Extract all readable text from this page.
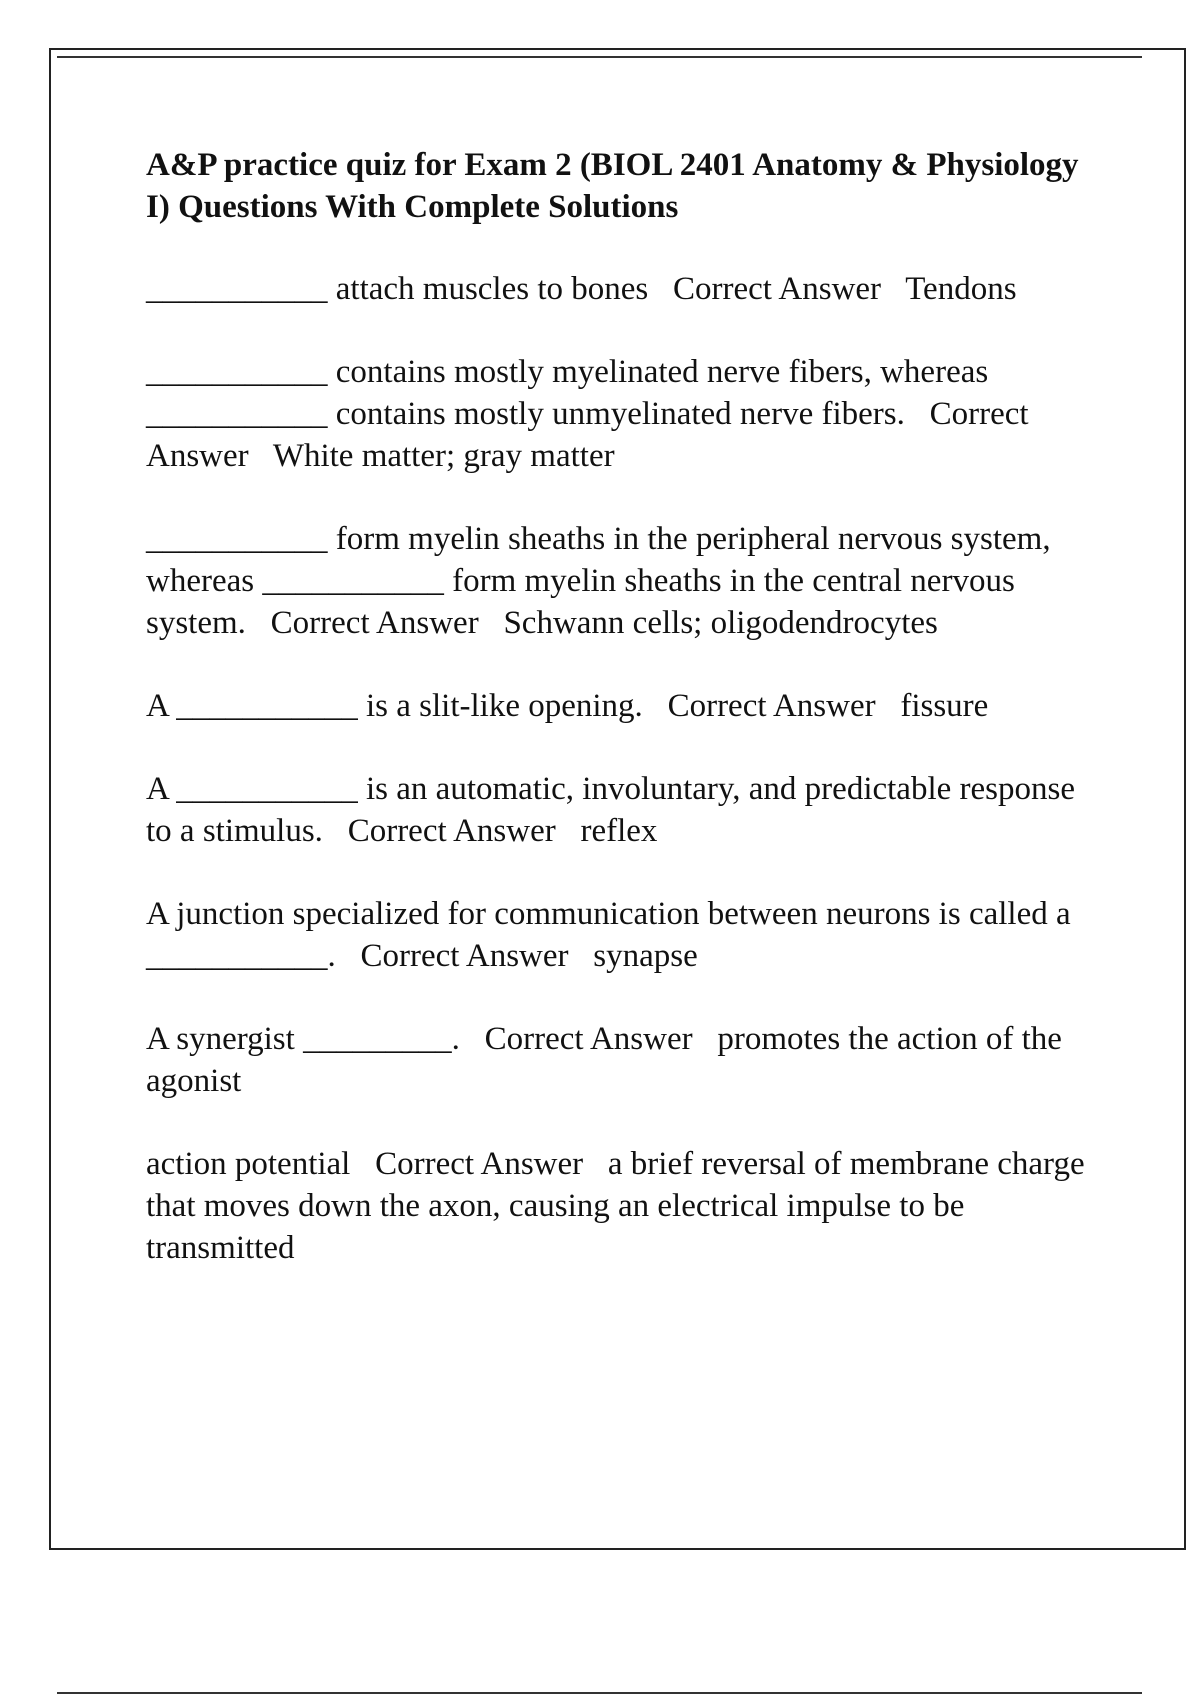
A&P practice quiz for Exam 2 (BIOL 2401 Anatomy & Physiology I) Questions With Complete Solutions
___________ attach muscles to bones Correct Answer Tendons
___________ contains mostly myelinated nerve fibers, whereas ___________ contains mostly unmyelinated nerve fibers. Correct Answer White matter; gray matter
___________ form myelin sheaths in the peripheral nervous system, whereas ___________ form myelin sheaths in the central nervous system. Correct Answer Schwann cells; oligodendrocytes
A ___________ is a slit-like opening. Correct Answer fissure
A ___________ is an automatic, involuntary, and predictable response to a stimulus. Correct Answer reflex
A junction specialized for communication between neurons is called a ___________. Correct Answer synapse
A synergist _________. Correct Answer promotes the action of the agonist
action potential Correct Answer a brief reversal of membrane charge that moves down the axon, causing an electrical impulse to be transmitted
